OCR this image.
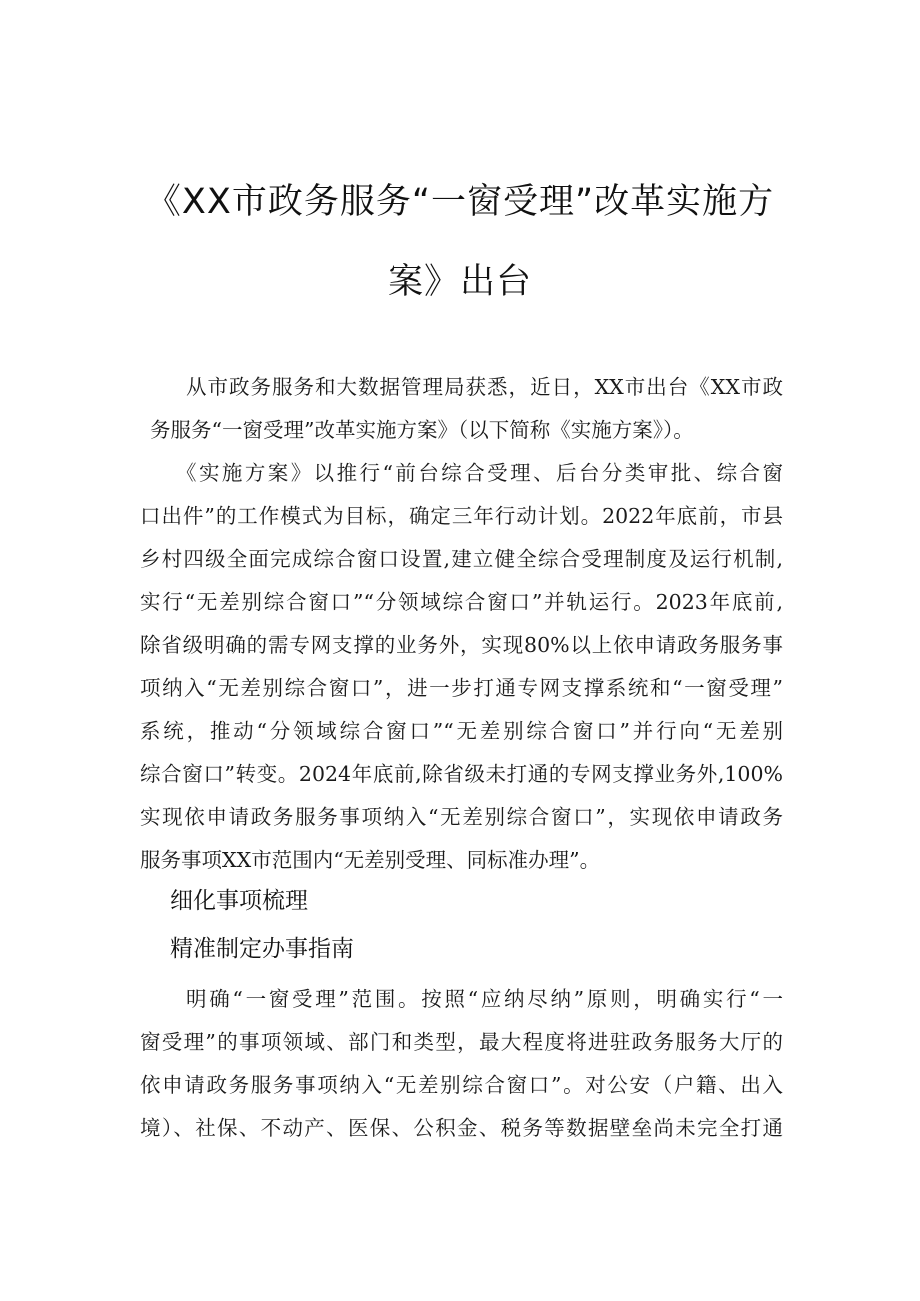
《XX市政务服务“一窗受理”改革实施方
案》出台
从市政务服务和大数据管理局获悉，近日，XX市出台《XX市政
务服务“一窗受理”改革实施方案》（以下简称《实施方案》）。
《实施方案》以推行“前台综合受理、后台分类审批、综合窗
口出件”的工作模式为目标，确定三年行动计划。2022年底前，市县
乡村四级全面完成综合窗口设置,建立健全综合受理制度及运行机制,
实行“无差别综合窗口”“分领域综合窗口”并轨运行。2023年底前,
除省级明确的需专网支撑的业务外，实现80%以上依申请政务服务事
项纳入“无差别综合窗口”，进一步打通专网支撑系统和“一窗受理”
系统，推动“分领域综合窗口”“无差别综合窗口”并行向“无差别
综合窗口”转变。2024年底前,除省级未打通的专网支撑业务外,100%
实现依申请政务服务事项纳入“无差别综合窗口”，实现依申请政务
服务事项XX市范围内“无差别受理、同标准办理”。
细化事项梳理
精准制定办事指南
明确“一窗受理”范围。按照“应纳尽纳”原则，明确实行“一
窗受理”的事项领域、部门和类型，最大程度将进驻政务服务大厅的
依申请政务服务事项纳入“无差别综合窗口”。对公安（户籍、出入
境）、社保、不动产、医保、公积金、税务等数据壁垒尚未完全打通
